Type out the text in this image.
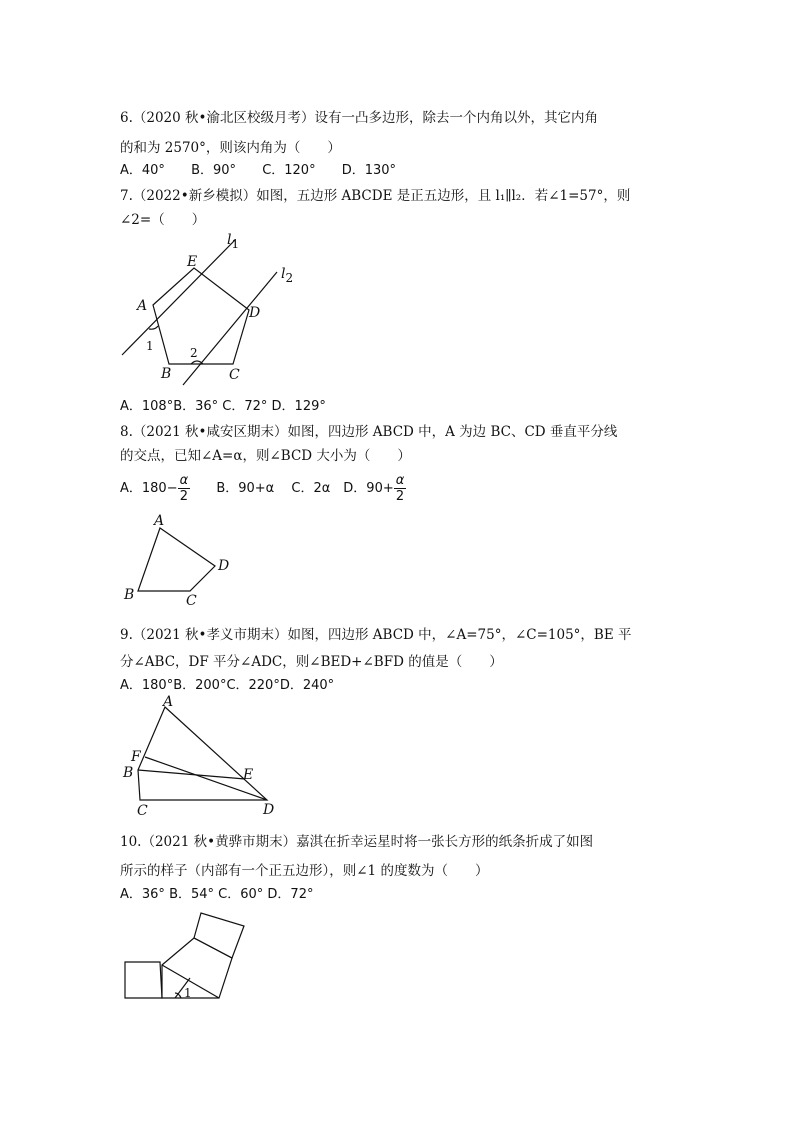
6.（2020 秋•渝北区校级月考）设有一凸多边形，除去一个内角以外，其它内角
的和为 2570°，则该内角为（　　）
A．40° B．90° C．120° D．130°
7.（2022•新乡模拟）如图，五边形 ABCDE 是正五边形，且 l₁∥l₂．若∠1=57°，则
∠2=（　　）
E
A	D
B	C
1	2
l1
l2
A．108°B．36° C．72° D．129°
8.（2021 秋•咸安区期末）如图，四边形 ABCD 中，A 为边 BC、CD 垂直平分线
的交点，已知∠A=α，则∠BCD 大小为（　　）
A．$180- \frac{\alpha}{2}$ B．90+α　 C．2α　D．$90+ \frac{\alpha}{2}$
A
D
B	C
9.（2021 秋•孝义市期末）如图，四边形 ABCD 中，∠A=75°，∠C=105°，BE 平
分∠ABC，DF 平分∠ADC，则∠BED+∠BFD 的值是（　　）
A．180°B．200°C．220°D．240°
A
F
B	E
C	D
10.（2021 秋•黄骅市期末）嘉淇在折幸运星时将一张长方形的纸条折成了如图
所示的样子（内部有一个正五边形），则∠1 的度数为（　　）
A．36° B．54° C．60° D．72°
1
